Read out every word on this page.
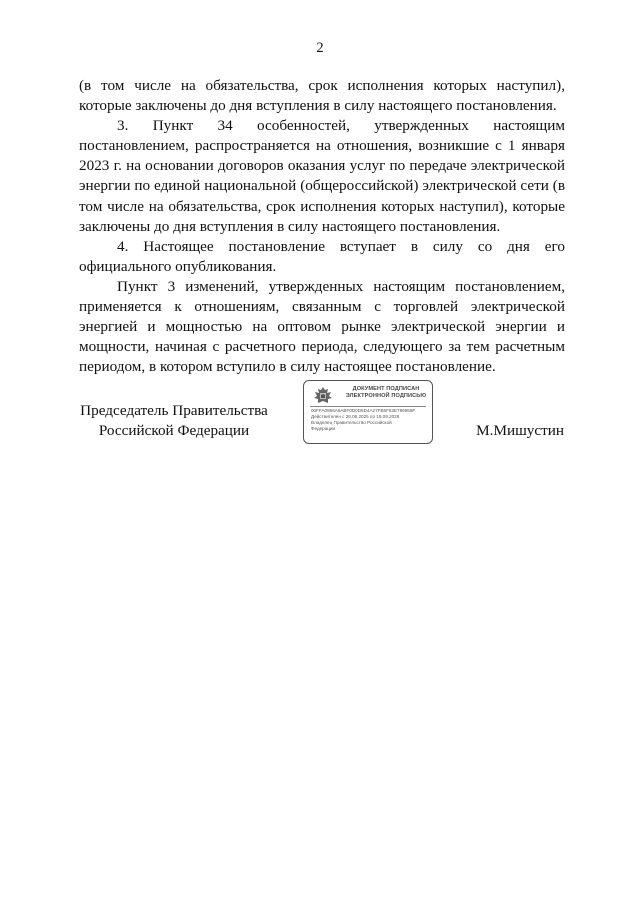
2

(в том числе на обязательства, срок исполнения которых наступил), которые заключены до дня вступления в силу настоящего постановления.

3. Пункт 34 особенностей, утвержденных настоящим постановлением, распространяется на отношения, возникшие с 1 января 2023 г. на основании договоров оказания услуг по передаче электрической энергии по единой национальной (общероссийской) электрической сети (в том числе на обязательства, срок исполнения которых наступил), которые заключены до дня вступления в силу настоящего постановления.

4. Настоящее постановление вступает в силу со дня его официального опубликования.

Пункт 3 изменений, утвержденных настоящим постановлением, применяется к отношениям, связанным с торговлей электрической энергией и мощностью на оптовом рынке электрической энергии и мощности, начиная с расчетного периода, следующего за тем расчетным периодом, в котором вступило в силу настоящее постановление.

Председатель Правительства
Российской Федерации
ДОКУМЕНТ ПОДПИСАН
ЭЛЕКТРОННОЙ ПОДПИСЬЮ
00FFA0866A6ABF0D0D6D4A27FB5F53E789958F
Действителен с 26.06.2025 по 19.09.2026
Владелец Правительство Российской
Федерации	М.Мишустин
